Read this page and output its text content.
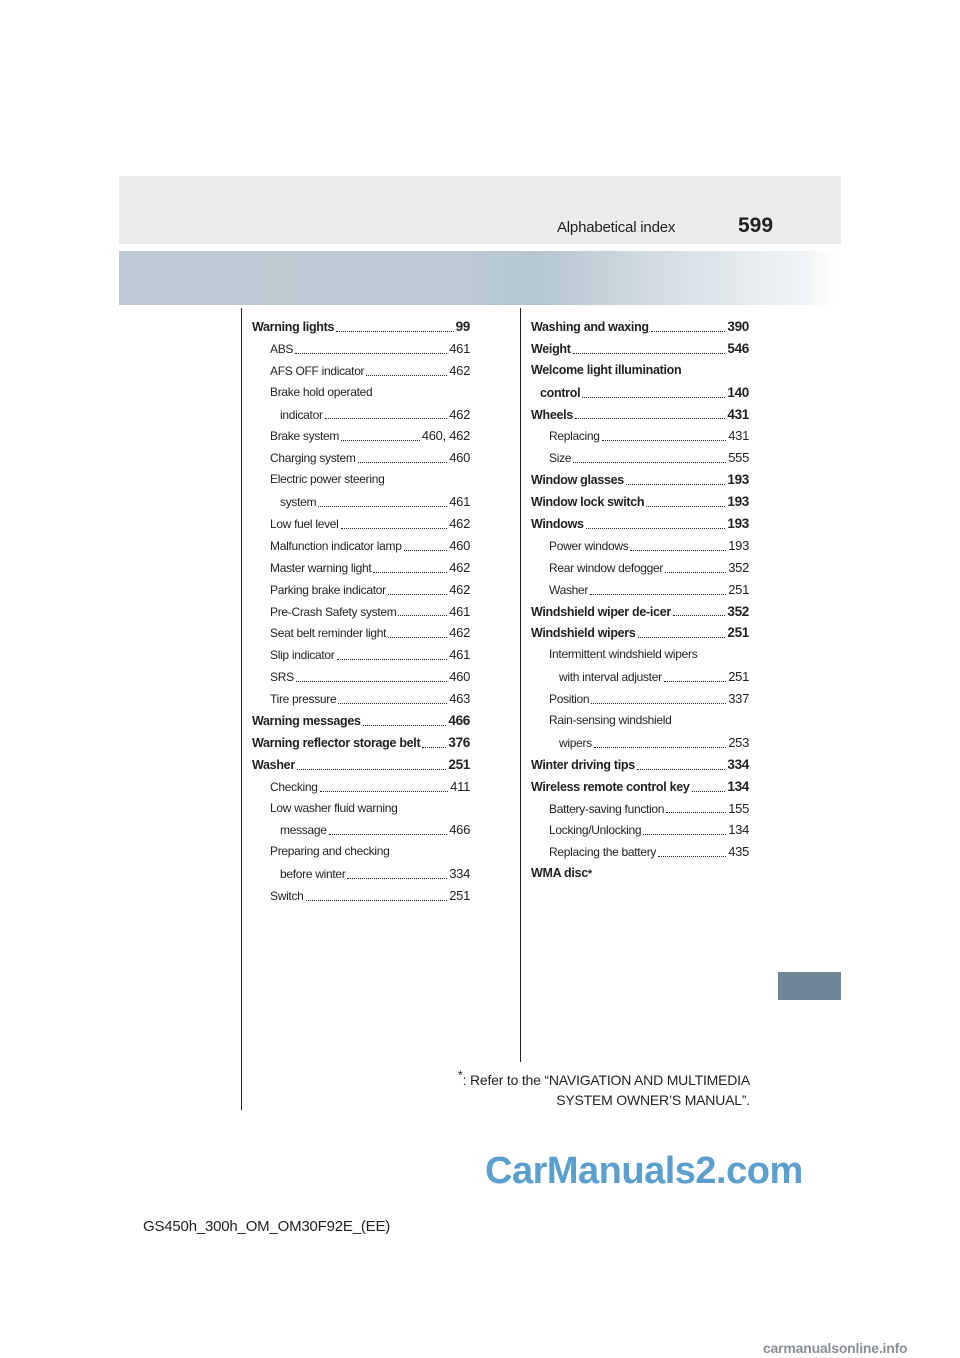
Alphabetical index	599
Warning lights	99
ABS	461
AFS OFF indicator	462
Brake hold operated
indicator	462
Brake system	460, 462
Charging system	460
Electric power steering
system	461
Low fuel level	462
Malfunction indicator lamp	460
Master warning light	462
Parking brake indicator	462
Pre-Crash Safety system	461
Seat belt reminder light	462
Slip indicator	461
SRS	460
Tire pressure	463
Warning messages	466
Warning reflector storage belt 376
Washer	251
Checking	411
Low washer fluid warning
message	466
Preparing and checking
before winter	334
Switch	251
Washing and waxing	390
Weight	546
Welcome light illumination
control	140
Wheels	431
Replacing	431
Size	555
Window glasses	193
Window lock switch	193
Windows	193
Power windows	193
Rear window defogger	352
Washer	251
Windshield wiper de-icer	352
Windshield wipers	251
Intermittent windshield wipers
with interval adjuster	251
Position	337
Rain-sensing windshield
wipers	253
Winter driving tips	334
Wireless remote control key	134
Battery-saving function	155
Locking/Unlocking	134
Replacing the battery	435
WMA disc *
*: Refer to the “NAVIGATION AND MULTIMEDIA
SYSTEM OWNER’S MANUAL”.
CarManuals2.com
GS450h_300h_OM_OM30F92E_(EE)
carmanualsonline.info
